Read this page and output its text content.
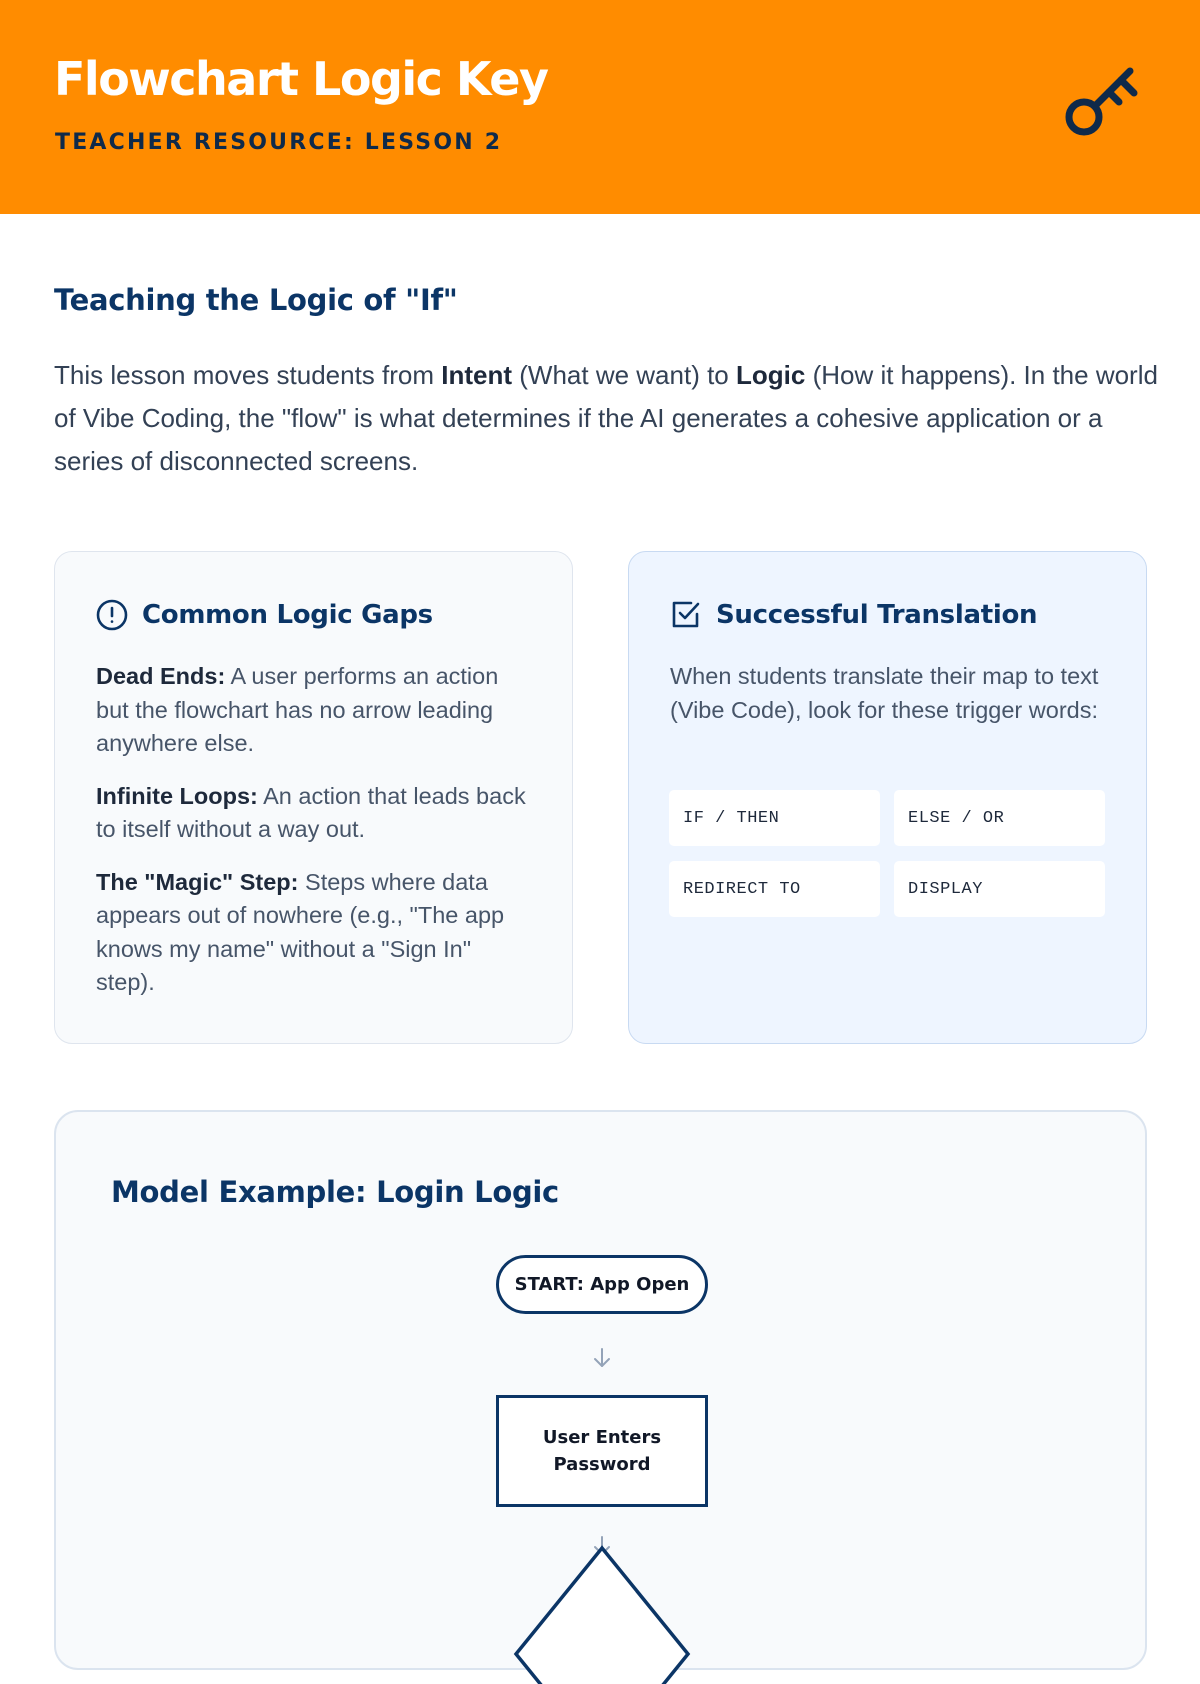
Flowchart Logic Key
TEACHER RESOURCE: LESSON 2
Teaching the Logic of "If"

This lesson moves students from Intent (What we want) to Logic (How it happens). In the world of Vibe Coding, the "flow" is what determines if the AI generates a cohesive application or a series of disconnected screens.

Common Logic Gaps

Dead Ends: A user performs an action but the flowchart has no arrow leading anywhere else.

Infinite Loops: An action that leads back to itself without a way out.

The "Magic" Step: Steps where data appears out of nowhere (e.g., "The app knows my name" without a "Sign In" step).

Successful Translation
When students translate their map to text (Vibe Code), look for these trigger words:
IF / THEN	ELSE / OR
REDIRECT TO	DISPLAY
Model Example: Login Logic
START: App Open
User Enters Password
